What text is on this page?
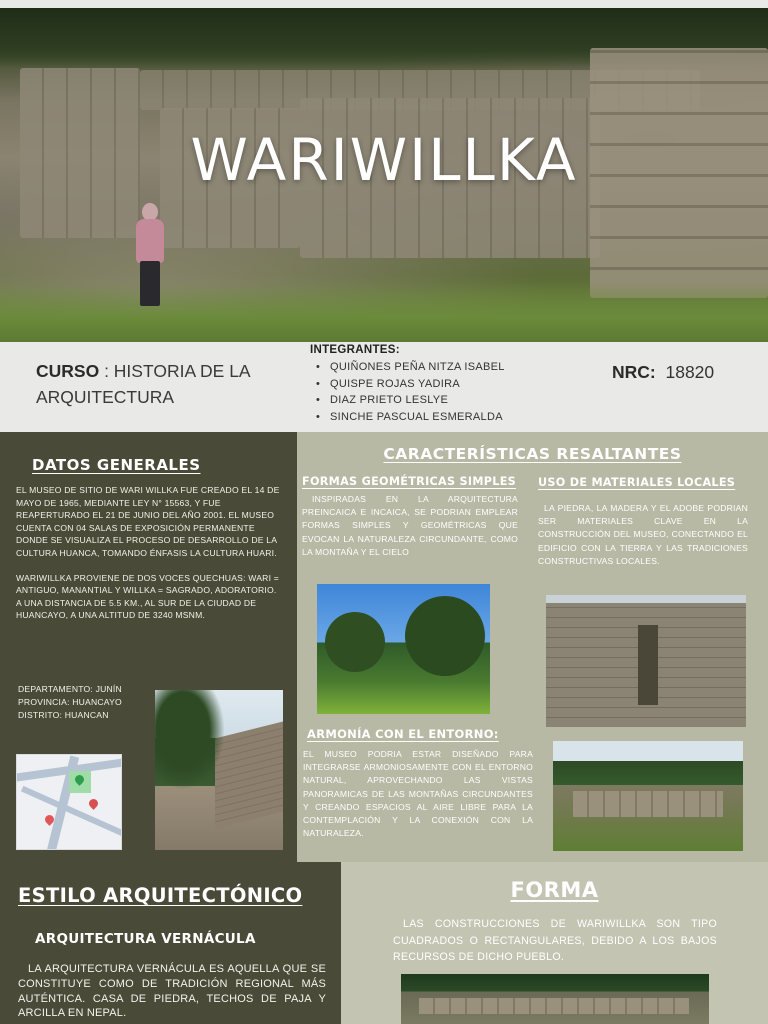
WARIWILLKA
CURSO : HISTORIA DE LA ARQUITECTURA
INTEGRANTES:
• QUIÑONES PEÑA NITZA ISABEL
• QUISPE ROJAS YADIRA
• DIAZ PRIETO LESLYE
• SINCHE PASCUAL ESMERALDA
NRC: 18820
DATOS GENERALES

EL MUSEO DE SITIO DE WARI WILLKA FUE CREADO EL 14 DE MAYO DE 1965, MEDIANTE LEY N° 15563, Y FUE REAPERTURADO EL 21 DE JUNIO DEL AÑO 2001. EL MUSEO CUENTA CON 04 SALAS DE EXPOSICIÓN PERMANENTE DONDE SE VISUALIZA EL PROCESO DE DESARROLLO DE LA CULTURA HUANCA, TOMANDO ÉNFASIS LA CULTURA HUARI.

WARIWILLKA PROVIENE DE DOS VOCES QUECHUAS: WARI = ANTIGUO, MANANTIAL Y WILLKA = SAGRADO, ADORATORIO.

A UNA DISTANCIA DE 5.5 KM., AL SUR DE LA CIUDAD DE HUANCAYO, A UNA ALTITUD DE 3240 MSNM.

DEPARTAMENTO: JUNÍN
PROVINCIA: HUANCAYO
DISTRITO: HUANCAN
CARACTERÍSTICAS RESALTANTES
FORMAS GEOMÉTRICAS SIMPLES
INSPIRADAS EN LA ARQUITECTURA PREINCAICA E INCAICA, SE PODRIAN EMPLEAR FORMAS SIMPLES Y GEOMÉTRICAS QUE EVOCAN LA NATURALEZA CIRCUNDANTE, COMO LA MONTAÑA Y EL CIELO
USO DE MATERIALES LOCALES
LA PIEDRA, LA MADERA Y EL ADOBE PODRIAN SER MATERIALES CLAVE EN LA CONSTRUCCIÓN DEL MUSEO, CONECTANDO EL EDIFICIO CON LA TIERRA Y LAS TRADICIONES CONSTRUCTIVAS LOCALES.
ARMONÍA CON EL ENTORNO:
EL MUSEO PODRIA ESTAR DISEÑADO PARA INTEGRARSE ARMONIOSAMENTE CON EL ENTORNO NATURAL, APROVECHANDO LAS VISTAS PANORAMICAS DE LAS MONTAÑAS CIRCUNDANTES Y CREANDO ESPACIOS AL AIRE LIBRE PARA LA CONTEMPLACIÓN Y LA CONEXIÓN CON LA NATURALEZA.
ESTILO ARQUITECTÓNICO
ARQUITECTURA VERNÁCULA
LA ARQUITECTURA VERNÁCULA ES AQUELLA QUE SE CONSTITUYE COMO DE TRADICIÓN REGIONAL MÁS AUTÉNTICA. CASA DE PIEDRA, TECHOS DE PAJA Y ARCILLA EN NEPAL.
FORMA
LAS CONSTRUCCIONES DE WARIWILLKA SON TIPO CUADRADOS O RECTANGULARES, DEBIDO A LOS BAJOS RECURSOS DE DICHO PUEBLO.
